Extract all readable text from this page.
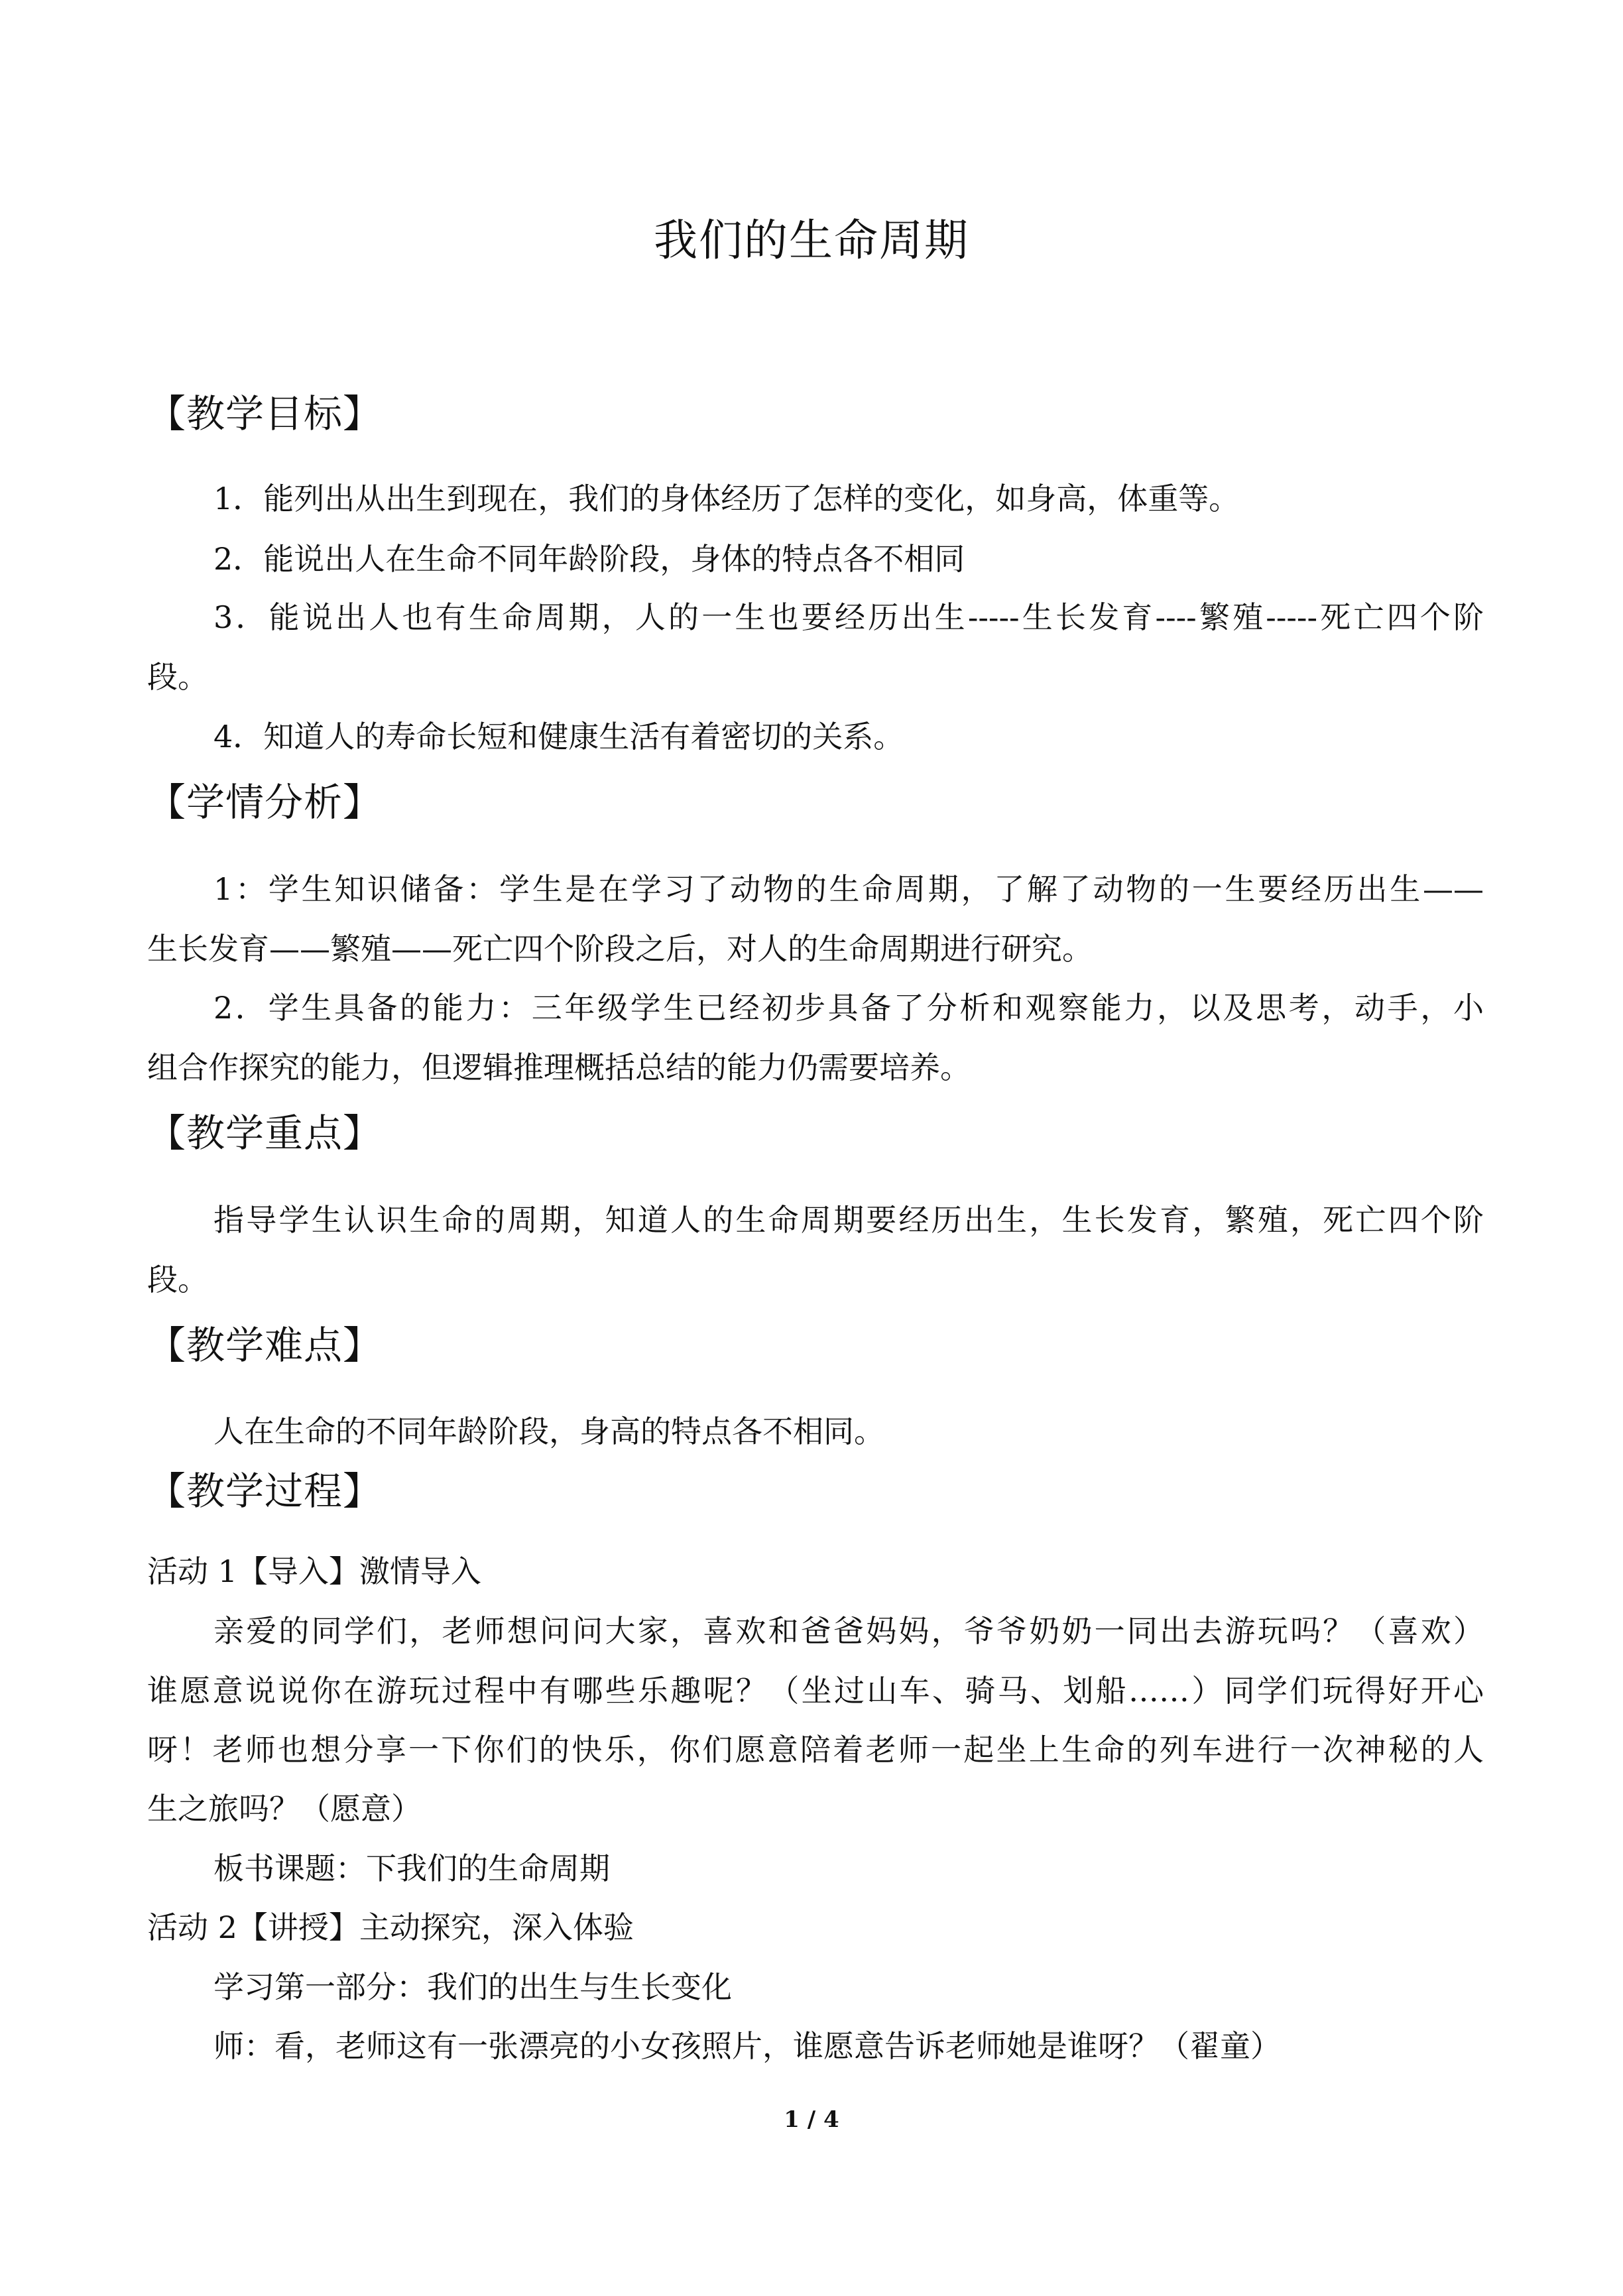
我们的生命周期
【教学目标】
1．能列出从出生到现在，我们的身体经历了怎样的变化，如身高，体重等。
2．能说出人在生命不同年龄阶段，身体的特点各不相同
3．能说出人也有生命周期，人的一生也要经历出生-----生长发育----繁殖-----死亡四个阶
段。
4．知道人的寿命长短和健康生活有着密切的关系。
【学情分析】
1：学生知识储备：学生是在学习了动物的生命周期，了解了动物的一生要经历出生——
生长发育——繁殖——死亡四个阶段之后，对人的生命周期进行研究。
2．学生具备的能力：三年级学生已经初步具备了分析和观察能力，以及思考，动手，小
组合作探究的能力，但逻辑推理概括总结的能力仍需要培养。
【教学重点】
指导学生认识生命的周期，知道人的生命周期要经历出生，生长发育，繁殖，死亡四个阶
段。
【教学难点】
人在生命的不同年龄阶段，身高的特点各不相同。
【教学过程】
活动 1【导入】激情导入
亲爱的同学们，老师想问问大家，喜欢和爸爸妈妈，爷爷奶奶一同出去游玩吗？（喜欢）
谁愿意说说你在游玩过程中有哪些乐趣呢？（坐过山车、骑马、划船……）同学们玩得好开心
呀！老师也想分享一下你们的快乐，你们愿意陪着老师一起坐上生命的列车进行一次神秘的人
生之旅吗？（愿意）
板书课题：下我们的生命周期
活动 2【讲授】主动探究，深入体验
学习第一部分：我们的出生与生长变化
师：看，老师这有一张漂亮的小女孩照片，谁愿意告诉老师她是谁呀？（翟童）
1 / 4
